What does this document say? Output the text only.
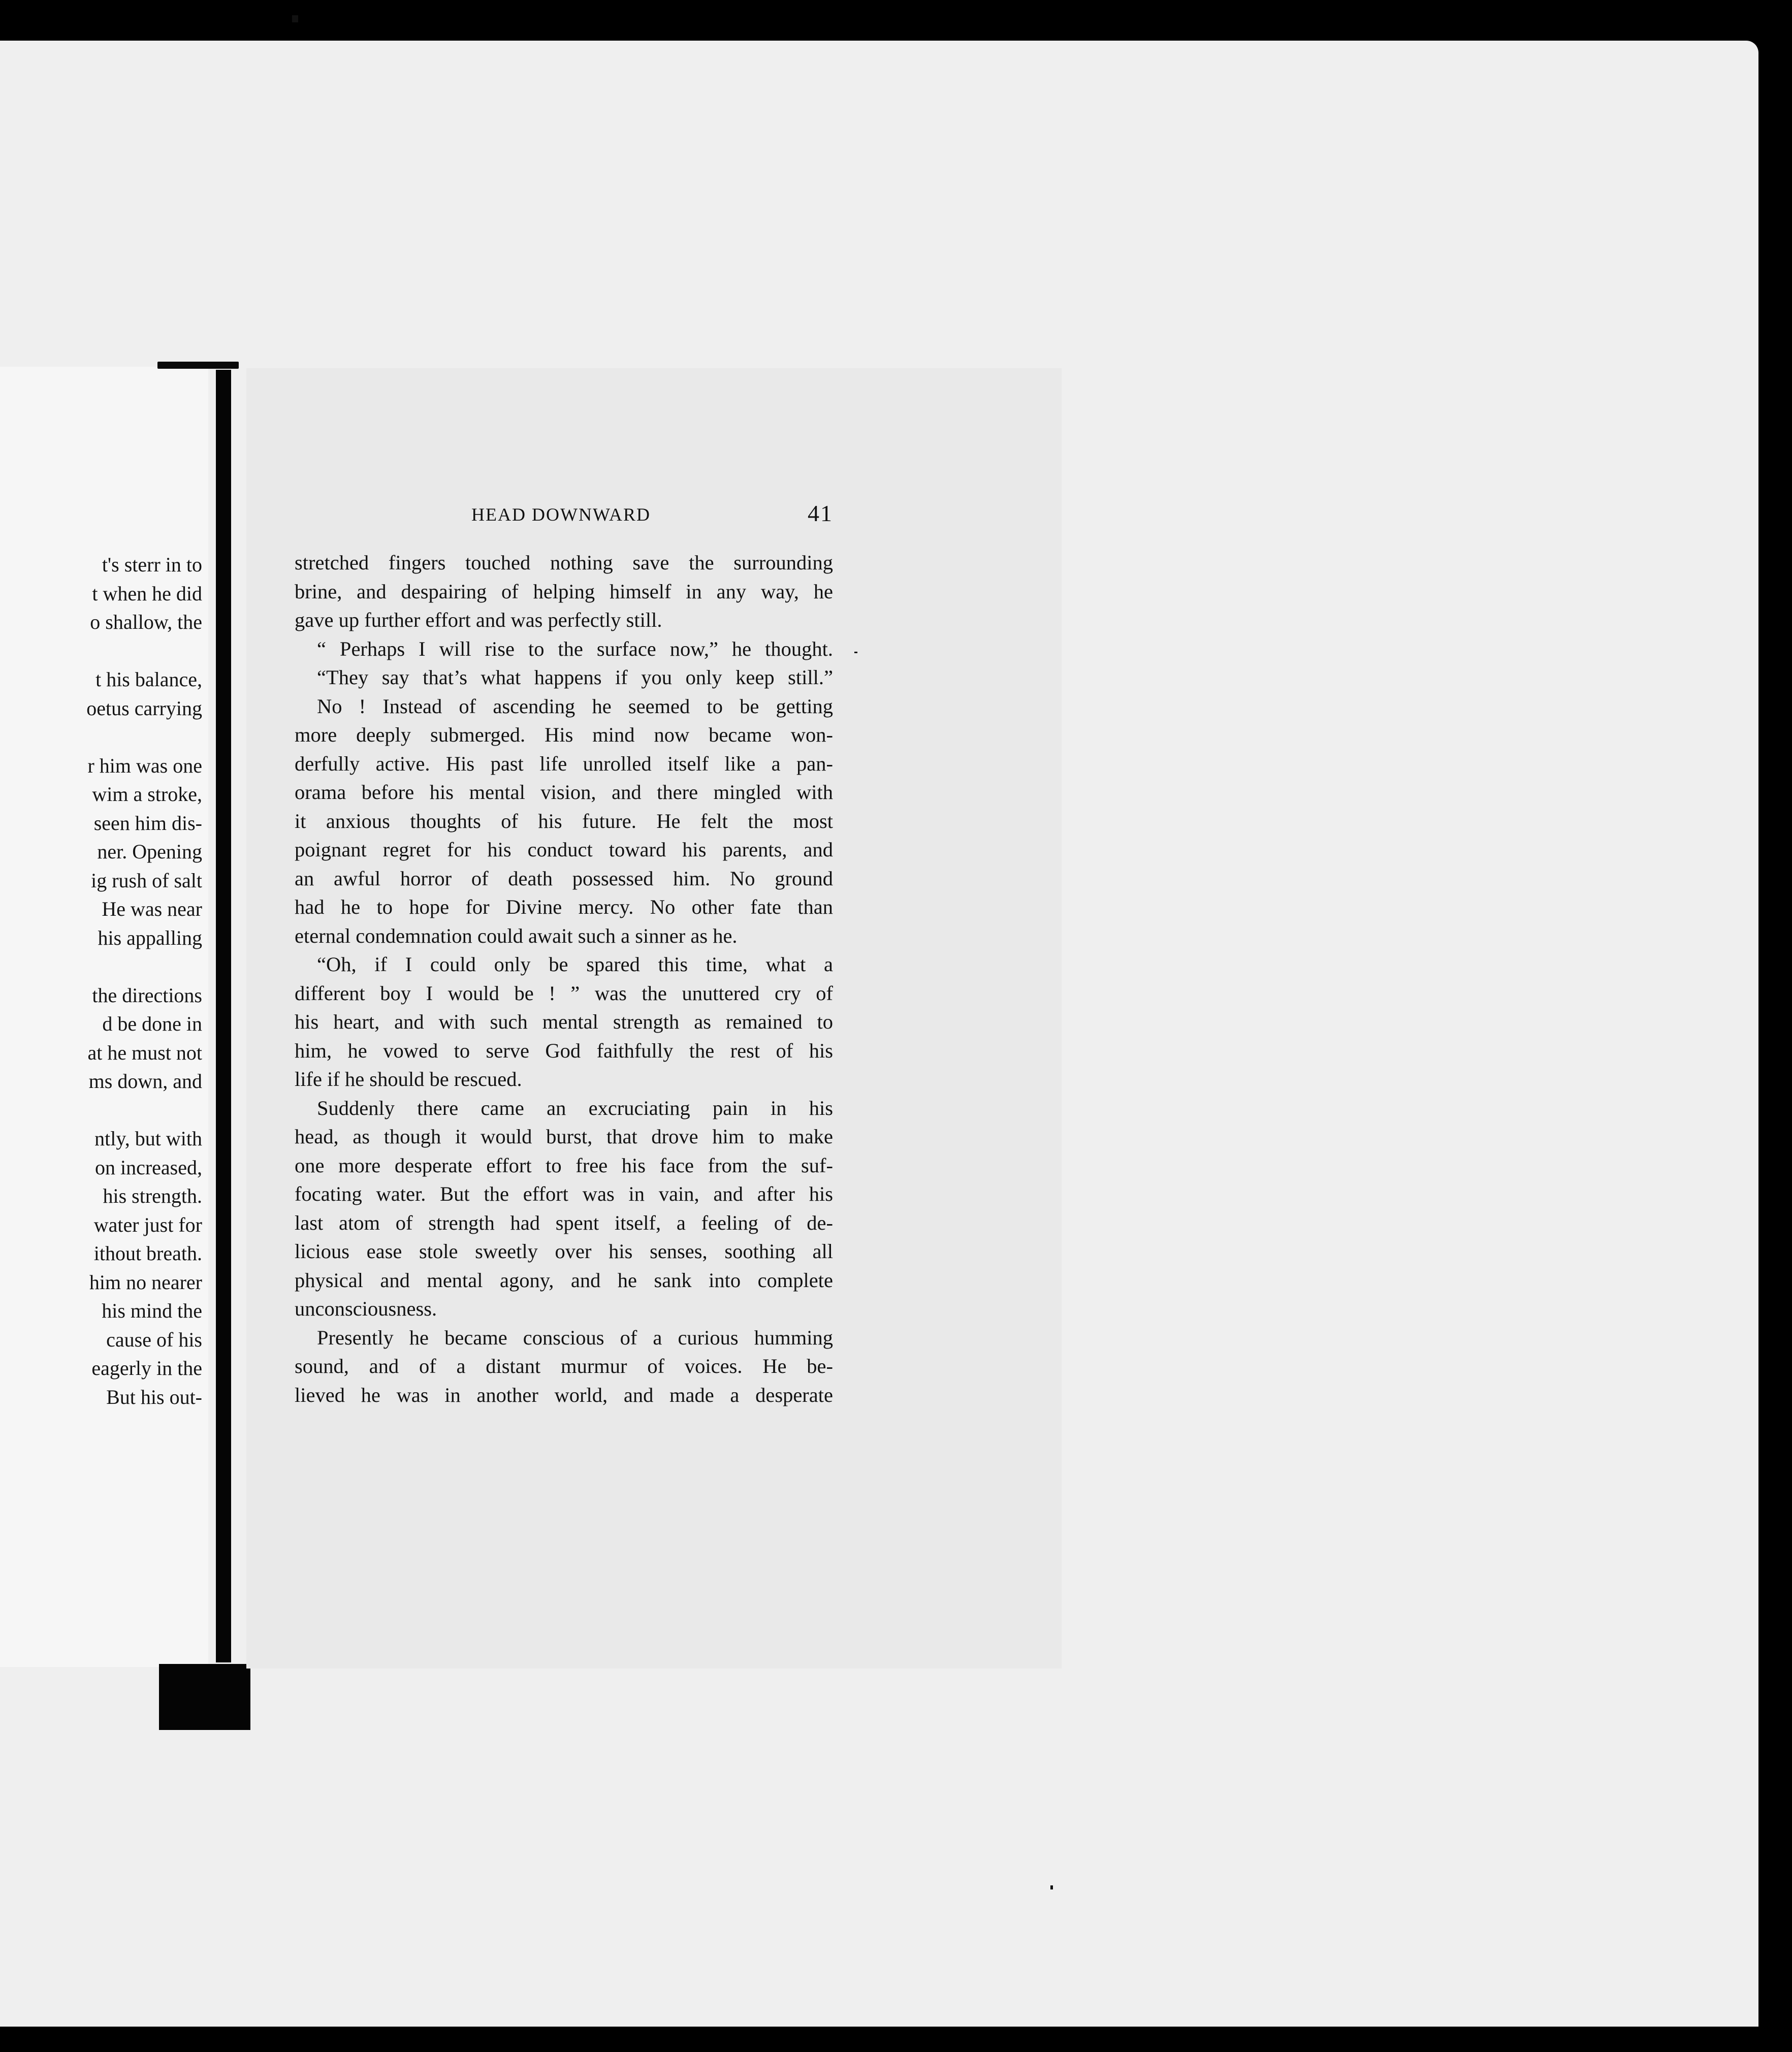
t's sterr in to
t when he did
o shallow, the
t his balance,
oetus carrying
r him was one
wim a stroke,
seen him dis-
ner. Opening
ig rush of salt
He was near
his appalling
the directions
d be done in
at he must not
ms down, and
ntly, but with
on increased,
his strength.
water just for
ithout breath.
him no nearer
his mind the
cause of his
eagerly in the
But his out-
HEAD DOWNWARD	41
stretched fingers touched nothing save the surrounding
brine, and despairing of helping himself in any way, he
gave up further effort and was perfectly still.
“ Perhaps I will rise to the surface now,” he thought.
“They say that’s what happens if you only keep still.”
No ! Instead of ascending he seemed to be getting
more deeply submerged. His mind now became won-
derfully active. His past life unrolled itself like a pan-
orama before his mental vision, and there mingled with
it anxious thoughts of his future. He felt the most
poignant regret for his conduct toward his parents, and
an awful horror of death possessed him. No ground
had he to hope for Divine mercy. No other fate than
eternal condemnation could await such a sinner as he.
“Oh, if I could only be spared this time, what a
different boy I would be ! ” was the unuttered cry of
his heart, and with such mental strength as remained to
him, he vowed to serve God faithfully the rest of his
life if he should be rescued.
Suddenly there came an excruciating pain in his
head, as though it would burst, that drove him to make
one more desperate effort to free his face from the suf-
focating water. But the effort was in vain, and after his
last atom of strength had spent itself, a feeling of de-
licious ease stole sweetly over his senses, soothing all
physical and mental agony, and he sank into complete
unconsciousness.
Presently he became conscious of a curious humming
sound, and of a distant murmur of voices. He be-
lieved he was in another world, and made a desperate
